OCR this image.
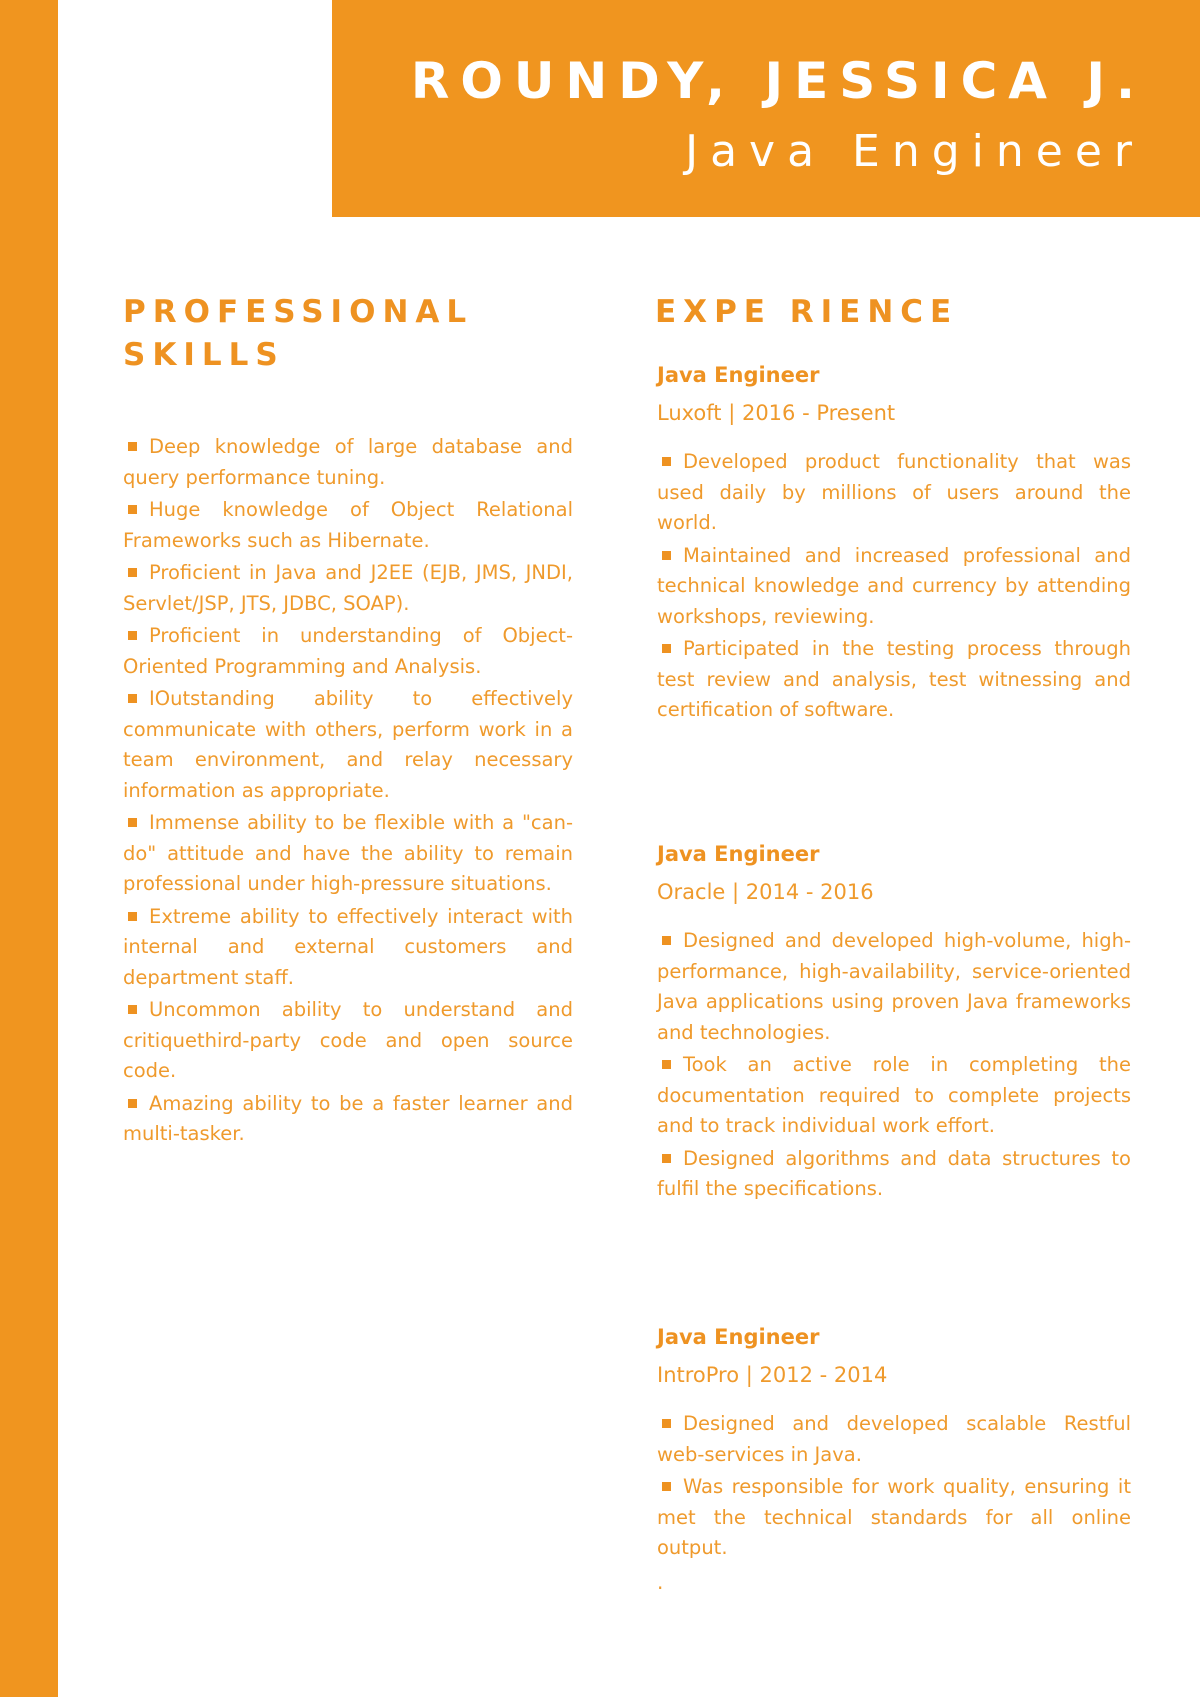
ROUNDY, JESSICA J.
Java Engineer
PROFESSIONAL SKILLS
Deep knowledge of large database and query performance tuning.
Huge knowledge of Object Relational Frameworks such as Hibernate.
Proficient in Java and J2EE (EJB, JMS, JNDI, Servlet/JSP, JTS, JDBC, SOAP).
Proficient in understanding of Object-Oriented Programming and Analysis.
IOutstanding ability to effectively communicate with others, perform work in a team environment, and relay necessary information as appropriate.
Immense ability to be flexible with a "can-do" attitude and have the ability to remain professional under high-pressure situations.
Extreme ability to effectively interact with internal and external customers and department staff.
Uncommon ability to understand and critiquethird-party code and open source code.
Amazing ability to be a faster learner and multi-tasker.
EXPE RIENCE
Java Engineer
Luxoft | 2016 - Present
Developed product functionality that was used daily by millions of users around the world.
Maintained and increased professional and technical knowledge and currency by attending workshops, reviewing.
Participated in the testing process through test review and analysis, test witnessing and certification of software.
Java Engineer
Oracle | 2014 - 2016
Designed and developed high-volume, high-performance, high-availability, service-oriented Java applications using proven Java frameworks and technologies.
Took an active role in completing the documentation required to complete projects and to track individual work effort.
Designed algorithms and data structures to fulfil the specifications.
Java Engineer
IntroPro | 2012 - 2014
Designed and developed scalable Restful web-services in Java.
Was responsible for work quality, ensuring it met the technical standards for all online output.
.
